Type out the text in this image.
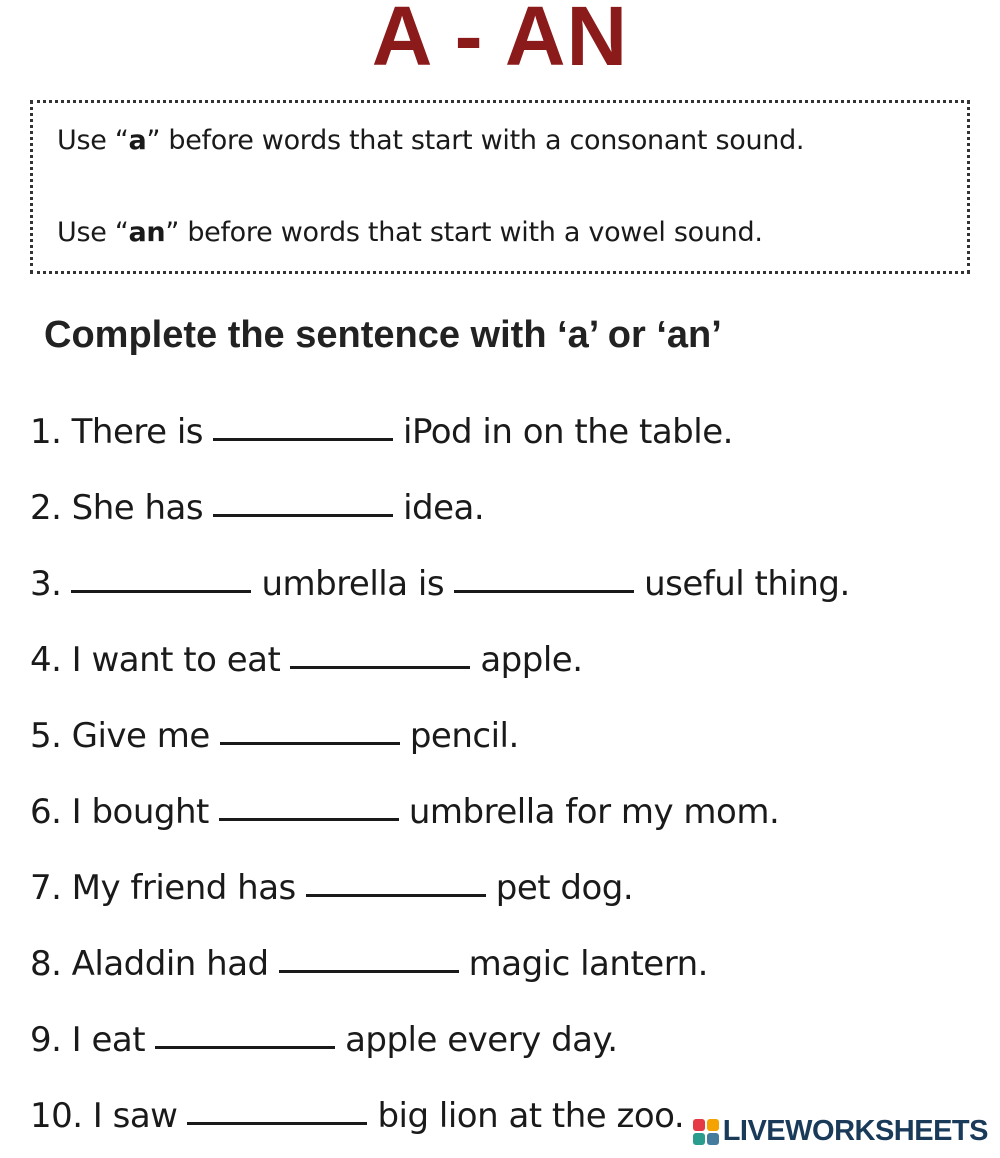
A - AN
Use “a” before words that start with a consonant sound.
Use “an” before words that start with a vowel sound.
Complete the sentence with ‘a’ or ‘an’
1. There is	iPod in on the table.
2. She has	idea.
3.	umbrella is	useful thing.
4. I want to eat	apple.
5. Give me	pencil.
6. I bought	umbrella for my mom.
7. My friend has	pet dog.
8. Aladdin had	magic lantern.
9. I eat	apple every day.
10. I saw	big lion at the zoo. LIVEWORKSHEETS
